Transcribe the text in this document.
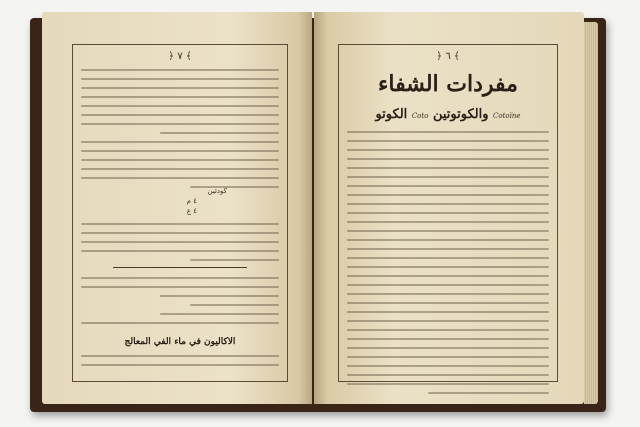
﴿ ٧ ﴾
كودئين
٤ م
٤ ع
الاكاليون في ماء الفي المعالج
﴿ ٦ ﴾
مفردات الشفاء
الكوتو Coto والكوتوتين Cotoïne
